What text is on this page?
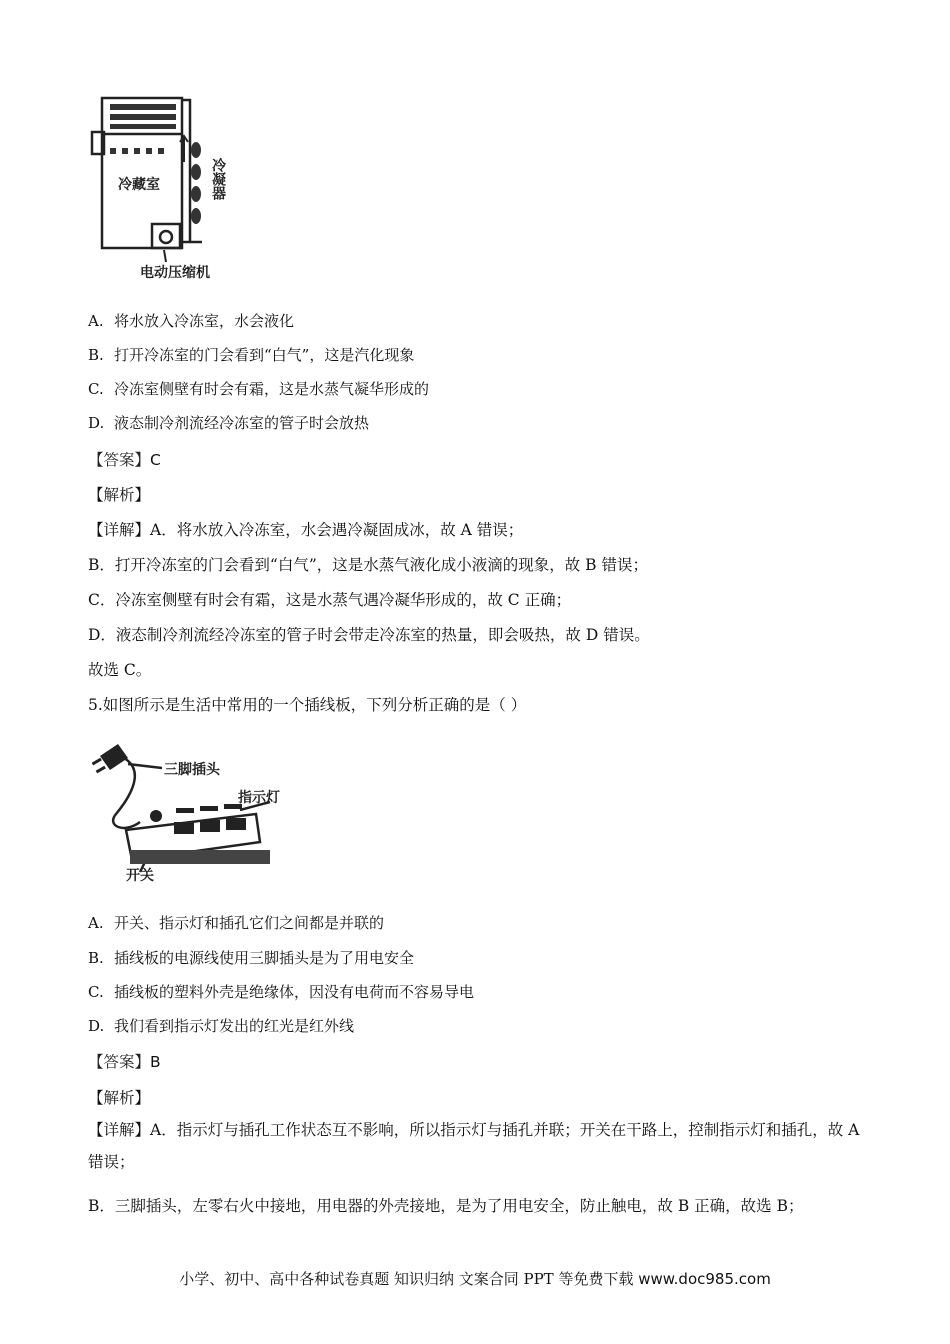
冷藏室	冷凝器
电动压缩机
A. 将水放入冷冻室，水会液化
B. 打开冷冻室的门会看到“白气”，这是汽化现象
C. 冷冻室侧壁有时会有霜，这是水蒸气凝华形成的
D. 液态制冷剂流经冷冻室的管子时会放热
【答案】C
【解析】
【详解】A．将水放入冷冻室，水会遇冷凝固成冰，故 A 错误；
B．打开冷冻室的门会看到“白气”，这是水蒸气液化成小液滴的现象，故 B 错误；
C．冷冻室侧壁有时会有霜，这是水蒸气遇冷凝华形成的，故 C 正确；
D．液态制冷剂流经冷冻室的管子时会带走冷冻室的热量，即会吸热，故 D 错误。
故选 C。
5.如图所示是生活中常用的一个插线板，下列分析正确的是（ ）
三脚插头
指示灯
开关
A. 开关、指示灯和插孔它们之间都是并联的
B. 插线板的电源线使用三脚插头是为了用电安全
C. 插线板的塑料外壳是绝缘体，因没有电荷而不容易导电
D. 我们看到指示灯发出的红光是红外线
【答案】B
【解析】
【详解】A．指示灯与插孔工作状态互不影响，所以指示灯与插孔并联；开关在干路上，控制指示灯和插孔，故 A 错误；
B．三脚插头，左零右火中接地，用电器的外壳接地，是为了用电安全，防止触电，故 B 正确，故选 B；
小学、初中、高中各种试卷真题 知识归纳 文案合同 PPT 等免费下载 www.doc985.com
